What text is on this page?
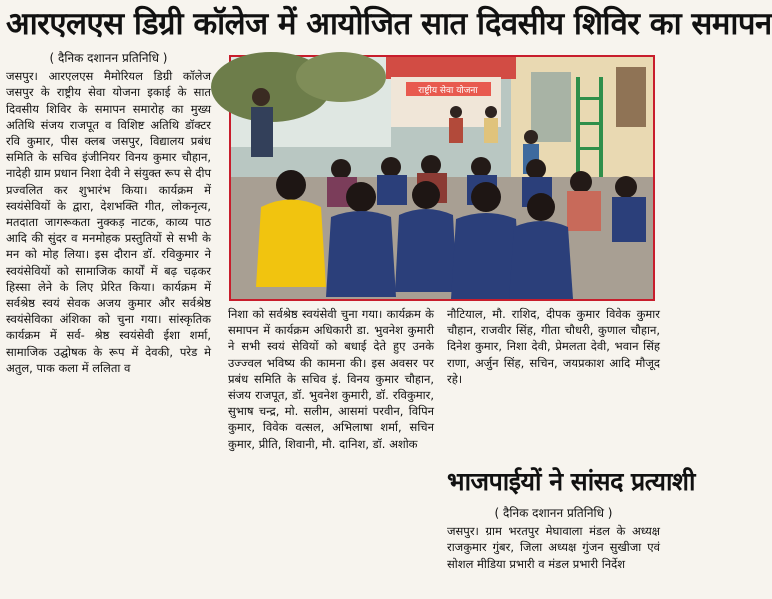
आरएलएस डिग्री कॉलेज में आयोजित सात दिवसीय शिविर का समापन

( दैनिक दशानन प्रतिनिधि )

जसपुर। आरएलएस मैमोरियल डिग्री कॉलेज जसपुर के राष्ट्रीय सेवा योजना इकाई के सात दिवसीय शिविर के समापन समारोह का मुख्य अतिथि संजय राजपूत व विशिष्ट अतिथि डॉक्टर रवि कुमार, पीस क्लब जसपुर, विद्यालय प्रबंध समिति के सचिव इंजीनियर विनय कुमार चौहान, नादेही ग्राम प्रधान निशा देवी ने संयुक्त रूप से दीप प्रज्वलित कर शुभारंभ किया। कार्यक्रम में स्वयंसेवियों के द्वारा, देशभक्ति गीत, लोकनृत्य, मतदाता जागरूकता नुक्कड़ नाटक, काव्य पाठ आदि की सुंदर व मनमोहक प्रस्तुतियों से सभी के मन को मोह लिया। इस दौरान डॉ. रविकुमार ने स्वयंसेवियों को सामाजिक कार्यों में बढ़ चढ़कर हिस्सा लेने के लिए प्रेरित किया। कार्यक्रम में सर्वश्रेष्ठ स्वयं सेवक अजय कुमार और सर्वश्रेष्ठ स्वयंसेविका अंशिका को चुना गया। सांस्कृतिक कार्यक्रम में सर्व- श्रेष्ठ स्वयंसेवी ईशा शर्मा, सामाजिक उद्घोषक के रूप में देवकी, परेड मे अतुल, पाक कला में ललिता व

राष्ट्रीय सेवा योजना

निशा को सर्वश्रेष्ठ स्वयंसेवी चुना गया। कार्यक्रम के समापन में कार्यक्रम अधिकारी डा. भुवनेश कुमारी ने सभी स्वयं सेवियों को बधाई देते हुए उनके उज्ज्वल भविष्य की कामना की। इस अवसर पर प्रबंध समिति के सचिव इं. विनय कुमार चौहान, संजय राजपूत, डॉ. भुवनेश कुमारी, डॉ. रविकुमार, सुभाष चन्द्र, मो. सलीम, आसमां परवीन, विपिन कुमार, विवेक वत्सल, अभिलाषा शर्मा, सचिन कुमार, प्रीति, शिवानी, मौ. दानिश, डॉ. अशोक

नौटियाल, मौ. राशिद, दीपक कुमार विवेक कुमार चौहान, राजवीर सिंह, गीता चौधरी, कुणाल चौहान, दिनेश कुमार, निशा देवी, प्रेमलता देवी, भवान सिंह राणा, अर्जुन सिंह, सचिन, जयप्रकाश आदि मौजूद रहे।

भाजपाईयों ने सांसद प्रत्याशी

( दैनिक दशानन प्रतिनिधि )

जसपुर। ग्राम भरतपुर मेघावाला मंडल के अध्यक्ष राजकुमार गुंबर, जिला अध्यक्ष गुंजन सुखीजा एवं सोशल मीडिया प्रभारी व मंडल प्रभारी निर्देश
